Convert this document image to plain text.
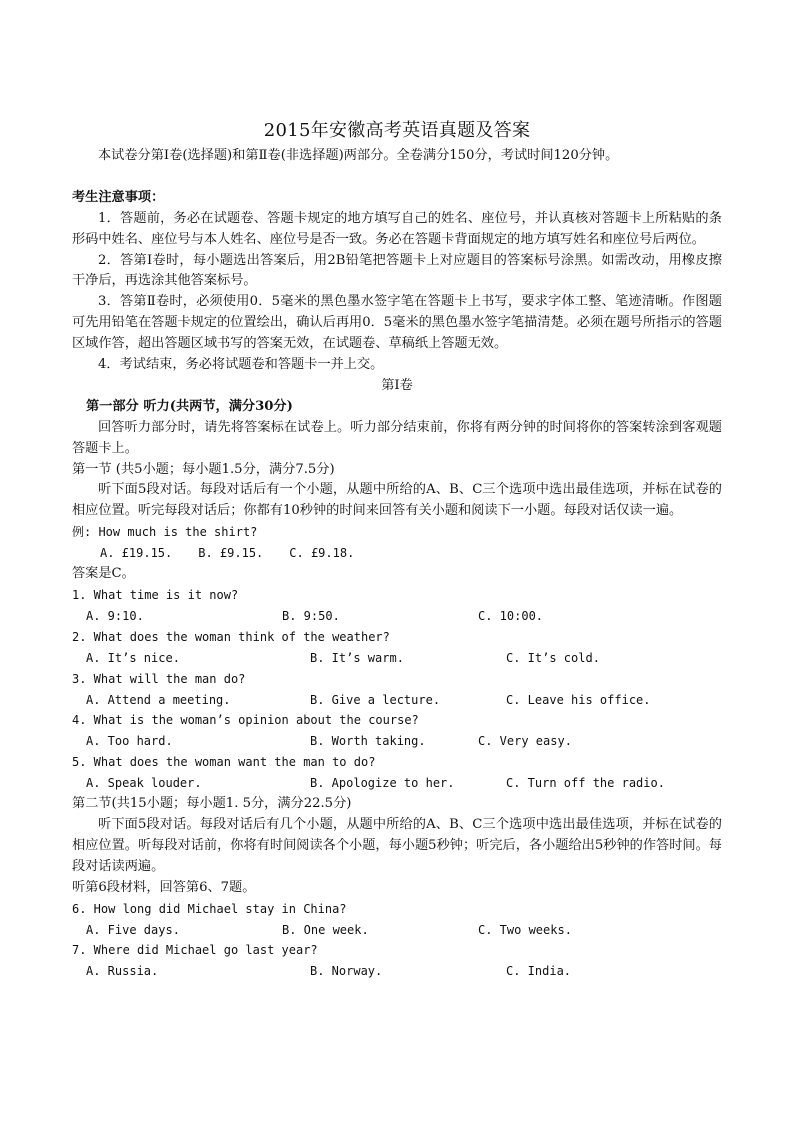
2015年安徽高考英语真题及答案

本试卷分第Ⅰ卷(选择题)和第Ⅱ卷(非选择题)两部分。全卷满分150分，考试时间120分钟。

考生注意事项：

1．答题前，务必在试题卷、答题卡规定的地方填写自己的姓名、座位号，并认真核对答题卡上所粘贴的条形码中姓名、座位号与本人姓名、座位号是否一致。务必在答题卡背面规定的地方填写姓名和座位号后两位。

2．答第Ⅰ卷时，每小题选出答案后，用2B铅笔把答题卡上对应题目的答案标号涂黑。如需改动，用橡皮擦干净后，再选涂其他答案标号。

3．答第Ⅱ卷时，必须使用0．5毫米的黑色墨水签字笔在答题卡上书写，要求字体工整、笔迹清晰。作图题可先用铅笔在答题卡规定的位置绘出，确认后再用0．5毫米的黑色墨水签字笔描清楚。必须在题号所指示的答题区域作答，超出答题区域书写的答案无效，在试题卷、草稿纸上答题无效。

4．考试结束，务必将试题卷和答题卡一并上交。

第Ⅰ卷

第一部分 听力(共两节，满分30分)

回答听力部分时，请先将答案标在试卷上。听力部分结束前，你将有两分钟的时间将你的答案转涂到客观题答题卡上。

第一节 (共5小题；每小题1.5分，满分7.5分)

听下面5段对话。每段对话后有一个小题，从题中所给的A、B、C三个选项中选出最佳选项，并标在试卷的相应位置。听完每段对话后；你都有10秒钟的时间来回答有关小题和阅读下一小题。每段对话仅读一遍。

例: How much is the shirt?

A. £19.15. B. £9.15. C. £9.18.

答案是C。

1. What time is it now?

A. 9:10.	B. 9:50.	C. 10:00.

2. What does the woman think of the weather?

A. It’s nice.	B. It’s warm.	C. It’s cold.

3. What will the man do?

A. Attend a meeting.	B. Give a lecture.	C. Leave his office.

4. What is the woman’s opinion about the course?

A. Too hard.	B. Worth taking.	C. Very easy.

5. What does the woman want the man to do?

A. Speak louder.	B. Apologize to her.	C. Turn off the radio.

第二节(共15小题；每小题1. 5分，满分22.5分)

听下面5段对话。每段对话后有几个小题，从题中所给的A、B、C三个选项中选出最佳选项，并标在试卷的相应位置。听每段对话前，你将有时间阅读各个小题，每小题5秒钟；听完后，各小题给出5秒钟的作答时间。每段对话读两遍。

听第6段材料，回答第6、7题。

6. How long did Michael stay in China?

A. Five days.	B. One week.	C. Two weeks.

7. Where did Michael go last year?

A. Russia.	B. Norway.	C. India.
